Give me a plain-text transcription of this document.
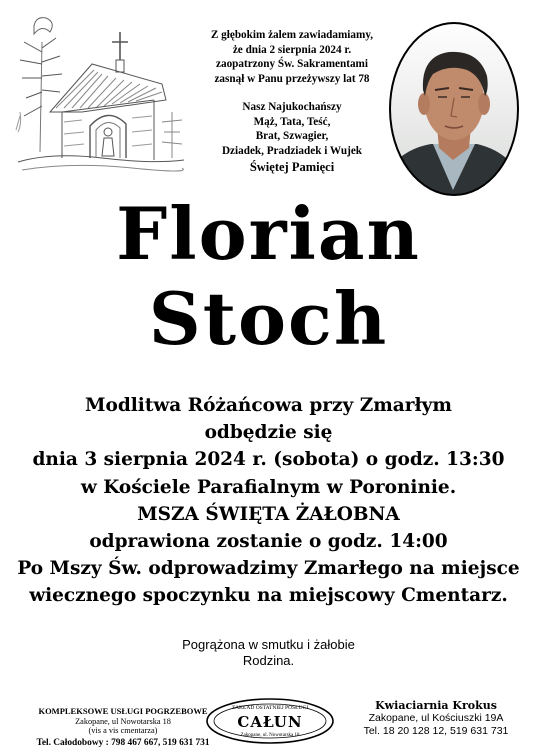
Z głębokim żalem zawiadamiamy,
że dnia 2 sierpnia 2024 r.
zaopatrzony Św. Sakramentami
zasnął w Panu przeżywszy lat 78
Nasz Najukochańszy
Mąż, Tata, Teść,
Brat, Szwagier,
Dziadek, Pradziadek i Wujek
Świętej Pamięci
Florian
Stoch
Modlitwa Różańcowa przy Zmarłym
odbędzie się
dnia 3 sierpnia 2024 r. (sobota) o godz. 13:30
w Kościele Parafialnym w Poroninie.
MSZA ŚWIĘTA ŻAŁOBNA
odprawiona zostanie o godz. 14:00
Po Mszy Św. odprowadzimy Zmarłego na miejsce
wiecznego spoczynku na miejscowy Cmentarz.
Pogrążona w smutku i żałobie
Rodzina.
KOMPLEKSOWE USŁUGI POGRZEBOWE
Zakopane, ul Nowotarska 18
(vis a vis cmentarza)
Tel. Całodobowy : 798 467 667, 519 631 731
ZAKŁAD OSTATNIEJ POSŁUGI
CAŁUN
Zakopane, ul. Nowotarska 18
Kwiaciarnia Krokus
Zakopane, ul Kościuszki 19A
Tel. 18 20 128 12, 519 631 731
